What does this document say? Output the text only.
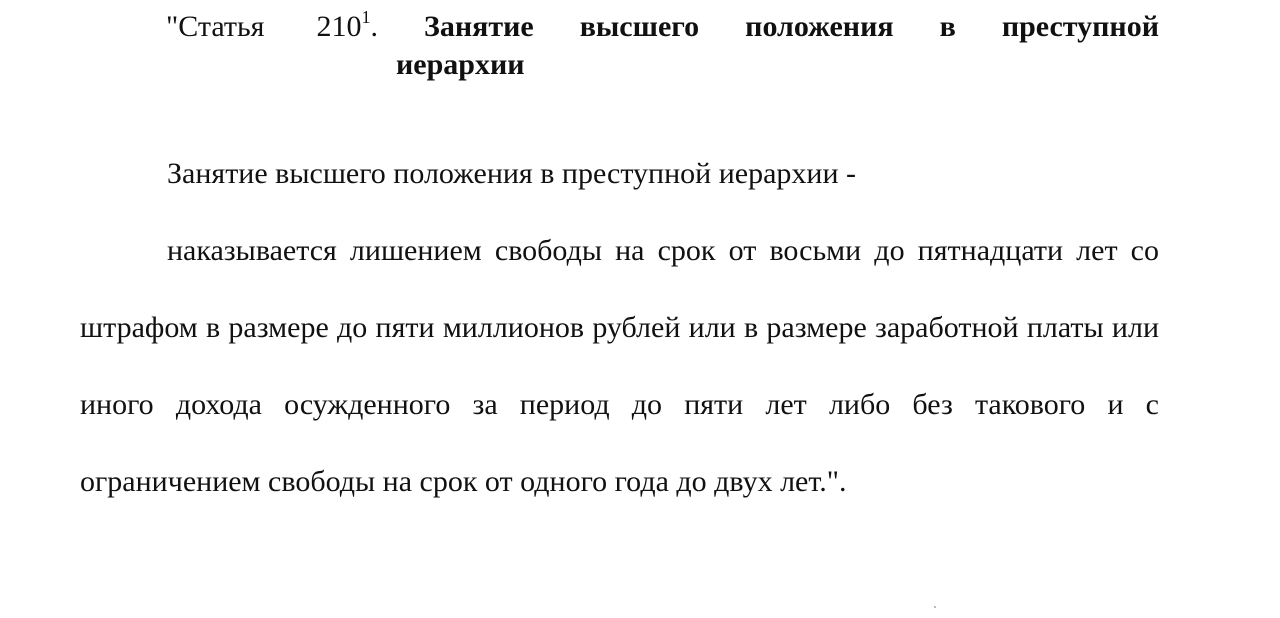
"Статья $210^1$. Занятие высшего положения в преступной
иерархии
Занятие высшего положения в преступной иерархии -

наказывается лишением свободы на срок от восьми до пятнадцати лет со штрафом в размере до пяти миллионов рублей или в размере заработной платы или иного дохода осужденного за период до пяти лет либо без такового и с ограничением свободы на срок от одного года до двух лет.".
